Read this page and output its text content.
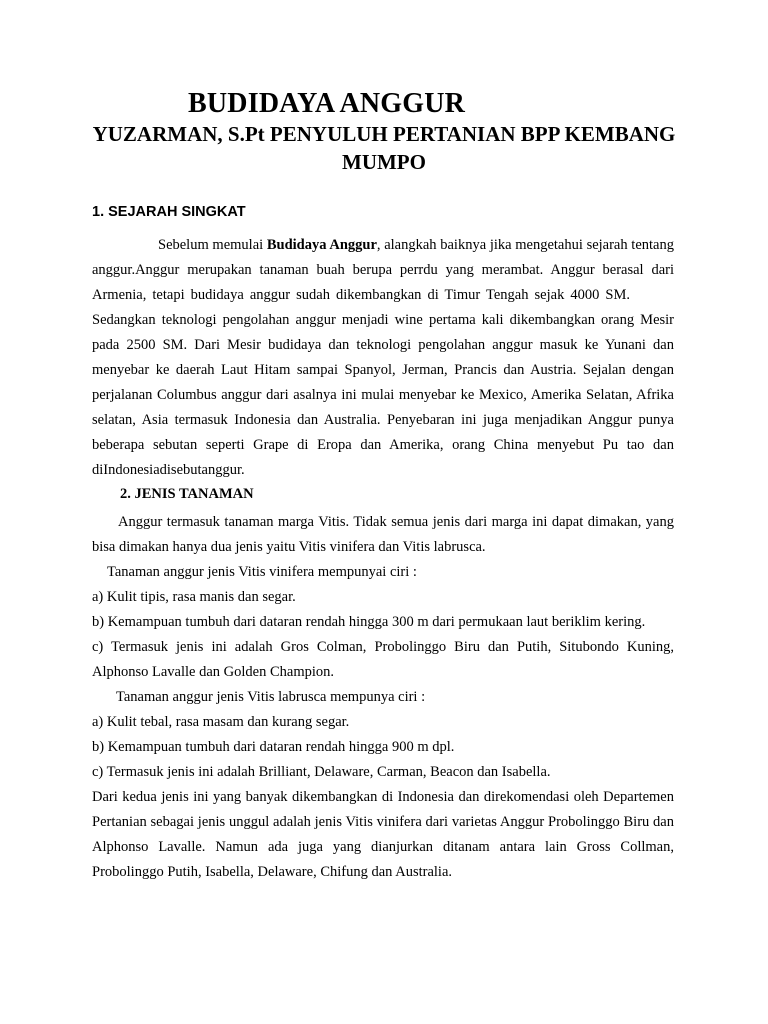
BUDIDAYA ANGGUR
YUZARMAN, S.Pt PENYULUH PERTANIAN BPP KEMBANG MUMPO
1. SEJARAH SINGKAT
Sebelum memulai Budidaya Anggur, alangkah baiknya jika mengetahui sejarah tentang anggur.Anggur merupakan tanaman buah berupa perrdu yang merambat. Anggur berasal dari Armenia, tetapi budidaya anggur sudah dikembangkan di Timur Tengah sejak 4000 SM.Sedangkan teknologi pengolahan anggur menjadi wine pertama kali dikembangkan orang Mesir pada 2500 SM. Dari Mesir budidaya dan teknologi pengolahan anggur masuk ke Yunani dan menyebar ke daerah Laut Hitam sampai Spanyol, Jerman, Prancis dan Austria. Sejalan dengan perjalanan Columbus anggur dari asalnya ini mulai menyebar ke Mexico, Amerika Selatan, Afrika selatan, Asia termasuk Indonesia dan Australia. Penyebaran ini juga menjadikan Anggur punya beberapa sebutan seperti Grape di Eropa dan Amerika, orang China menyebut Pu tao dan diIndonesiadisebutanggur.
2. JENIS TANAMAN

Anggur termasuk tanaman marga Vitis. Tidak semua jenis dari marga ini dapat dimakan, yang bisa dimakan hanya dua jenis yaitu Vitis vinifera dan Vitis labrusca.

Tanaman anggur jenis Vitis vinifera mempunyai ciri :

a) Kulit tipis, rasa manis dan segar.

b) Kemampuan tumbuh dari dataran rendah hingga 300 m dari permukaan laut beriklim kering.

c) Termasuk jenis ini adalah Gros Colman, Probolinggo Biru dan Putih, Situbondo Kuning, Alphonso Lavalle dan Golden Champion.

Tanaman anggur jenis Vitis labrusca mempunya ciri :

a) Kulit tebal, rasa masam dan kurang segar.

b) Kemampuan tumbuh dari dataran rendah hingga 900 m dpl.

c) Termasuk jenis ini adalah Brilliant, Delaware, Carman, Beacon dan Isabella.

Dari kedua jenis ini yang banyak dikembangkan di Indonesia dan direkomendasi oleh Departemen Pertanian sebagai jenis unggul adalah jenis Vitis vinifera dari varietas Anggur Probolinggo Biru dan Alphonso Lavalle. Namun ada juga yang dianjurkan ditanam antara lain Gross Collman, Probolinggo Putih, Isabella, Delaware, Chifung dan Australia.
